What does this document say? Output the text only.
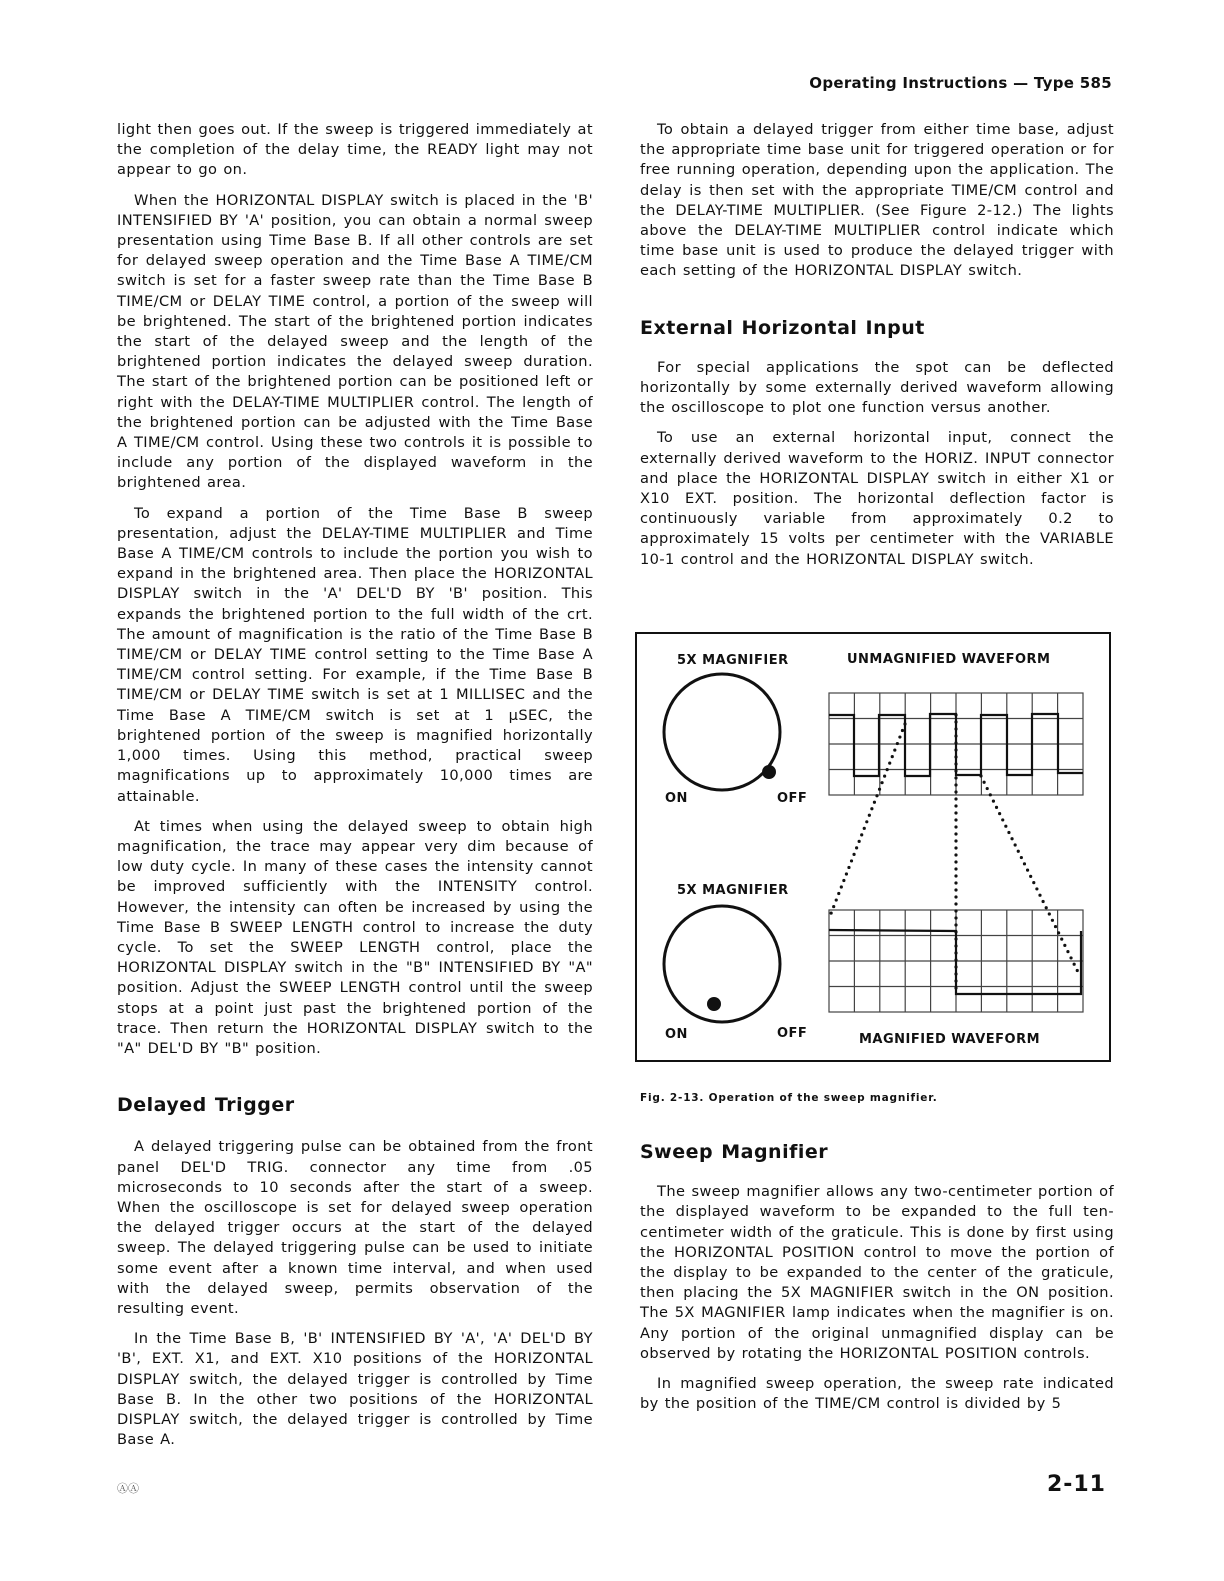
Operating Instructions — Type 585

light then goes out. If the sweep is triggered immediately at the completion of the delay time, the READY light may not appear to go on.

When the HORIZONTAL DISPLAY switch is placed in the 'B' INTENSIFIED BY 'A' position, you can obtain a normal sweep presentation using Time Base B. If all other controls are set for delayed sweep operation and the Time Base A TIME/CM switch is set for a faster sweep rate than the Time Base B TIME/CM or DELAY TIME control, a portion of the sweep will be brightened. The start of the brightened portion indicates the start of the delayed sweep and the length of the brightened portion indicates the delayed sweep duration. The start of the brightened portion can be positioned left or right with the DELAY-TIME MULTIPLIER control. The length of the brightened portion can be adjusted with the Time Base A TIME/CM control. Using these two controls it is possible to include any portion of the displayed waveform in the brightened area.

To expand a portion of the Time Base B sweep presentation, adjust the DELAY-TIME MULTIPLIER and Time Base A TIME/CM controls to include the portion you wish to expand in the brightened area. Then place the HORIZONTAL DISPLAY switch in the 'A' DEL'D BY 'B' position. This expands the brightened portion to the full width of the crt. The amount of magnification is the ratio of the Time Base B TIME/CM or DELAY TIME control setting to the Time Base A TIME/CM control setting. For example, if the Time Base B TIME/CM or DELAY TIME switch is set at 1 MILLISEC and the Time Base A TIME/CM switch is set at 1 μSEC, the brightened portion of the sweep is magnified horizontally 1,000 times. Using this method, practical sweep magnifications up to approximately 10,000 times are attainable.

At times when using the delayed sweep to obtain high magnification, the trace may appear very dim because of low duty cycle. In many of these cases the intensity cannot be improved sufficiently with the INTENSITY control. However, the intensity can often be increased by using the Time Base B SWEEP LENGTH control to increase the duty cycle. To set the SWEEP LENGTH control, place the HORIZONTAL DISPLAY switch in the "B" INTENSIFIED BY "A" position. Adjust the SWEEP LENGTH control until the sweep stops at a point just past the brightened portion of the trace. Then return the HORIZONTAL DISPLAY switch to the "A" DEL'D BY "B" position.

Delayed Trigger

A delayed triggering pulse can be obtained from the front panel DEL'D TRIG. connector any time from .05 microseconds to 10 seconds after the start of a sweep. When the oscilloscope is set for delayed sweep operation the delayed trigger occurs at the start of the delayed sweep. The delayed triggering pulse can be used to initiate some event after a known time interval, and when used with the delayed sweep, permits observation of the resulting event.

In the Time Base B, 'B' INTENSIFIED BY 'A', 'A' DEL'D BY 'B', EXT. X1, and EXT. X10 positions of the HORIZONTAL DISPLAY switch, the delayed trigger is controlled by Time Base B. In the other two positions of the HORIZONTAL DISPLAY switch, the delayed trigger is controlled by Time Base A.

To obtain a delayed trigger from either time base, adjust the appropriate time base unit for triggered operation or for free running operation, depending upon the application. The delay is then set with the appropriate TIME/CM control and the DELAY-TIME MULTIPLIER. (See Figure 2-12.) The lights above the DELAY-TIME MULTIPLIER control indicate which time base unit is used to produce the delayed trigger with each setting of the HORIZONTAL DISPLAY switch.

External Horizontal Input

For special applications the spot can be deflected horizontally by some externally derived waveform allowing the oscilloscope to plot one function versus another.

To use an external horizontal input, connect the externally derived waveform to the HORIZ. INPUT connector and place the HORIZONTAL DISPLAY switch in either X1 or X10 EXT. position. The horizontal deflection factor is continuously variable from approximately 0.2 to approximately 15 volts per centimeter with the VARIABLE 10-1 control and the HORIZONTAL DISPLAY switch.

5X MAGNIFIER	UNMAGNIFIED WAVEFORM
ON	OFF
5X MAGNIFIER
ON	OFF	MAGNIFIED WAVEFORM
Fig. 2-13. Operation of the sweep magnifier.
Sweep Magnifier

The sweep magnifier allows any two-centimeter portion of the displayed waveform to be expanded to the full ten-centimeter width of the graticule. This is done by first using the HORIZONTAL POSITION control to move the portion of the display to be expanded to the center of the graticule, then placing the 5X MAGNIFIER switch in the ON position. The 5X MAGNIFIER lamp indicates when the magnifier is on. Any portion of the original unmagnified display can be observed by rotating the HORIZONTAL POSITION controls.

In magnified sweep operation, the sweep rate indicated by the position of the TIME/CM control is divided by 5

ⒶⒶ	2-11
